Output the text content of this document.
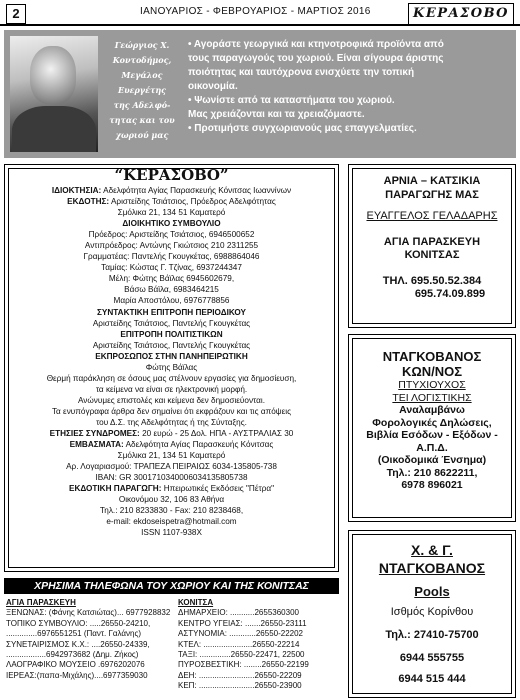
2	ΙΑΝΟΥΑΡΙΟΣ - ΦΕΒΡΟΥΑΡΙΟΣ - ΜΑΡΤΙΟΣ 2016	ΚΕΡΑΣΟΒΟ
Γεώργιος Χ.
Κοντοδήμος,
Μεγάλος
Ευεργέτης
της Αδελφό-
τητας και του
χωριού μας

• Αγοράστε γεωργικά και κτηνοτροφικά προϊόντα από

τους παραγωγούς του χωριού. Είναι σίγουρα άριστης

ποιότητας και ταυτόχρονα ενισχύετε την τοπική

οικονομία.

• Ψωνίστε από τα καταστήματα του χωριού.

Μας χρειάζονται και τα χρειαζόμαστε.

• Προτιμήστε συγχωριανούς μας επαγγελματίες.

“ΚΕΡΑΣΟΒΟ”
ΙΔΙΟΚΤΗΣΙΑ: Αδελφότητα Αγίας Παρασκευής Κόνιτσας Ιωαννίνων
ΕΚΔΟΤΗΣ: Αριστείδης Τσιάτσιος, Πρόεδρος Αδελφότητας
Σμόλικα 21, 134 51 Καματερό
ΔΙΟΙΚΗΤΙΚΟ ΣΥΜΒΟΥΛΙΟ
Πρόεδρος: Αριστείδης Τσιάτσιος, 6946500652
Αντιπρόεδρος: Αντώνης Γκιώτσιος 210 2311255
Γραμματέας: Παντελής Γκουγκέτας, 6988864046
Ταμίας: Κώστας Γ. Τζίνας, 6937244347
Μέλη: Φώτης Βάϊλας 6945602679,
Βάσω Βάϊλα, 6983464215
Μαρία Αποστόλου, 6976778856
ΣΥΝΤΑΚΤΙΚΗ ΕΠΙΤΡΟΠΗ ΠΕΡΙΟΔΙΚΟΥ
Αριστείδης Τσιάτσιος, Παντελής Γκουγκέτας
ΕΠΙΤΡΟΠΗ ΠΟΛΙΤΙΣΤΙΚΩΝ
Αριστείδης Τσιάτσιος, Παντελής Γκουγκέτας
ΕΚΠΡΟΣΩΠΟΣ ΣΤΗΝ ΠΑΝΗΠΕΙΡΩΤΙΚΗ
Φώτης Βάϊλας
Θερμή παράκληση σε όσους μας στέλνουν εργασίες για δημοσίευση,
τα κείμενα να είναι σε ηλεκτρονική μορφή.
Ανώνυμες επιστολές και κείμενα δεν δημοσιεύονται.
Τα ενυπόγραφα άρθρα δεν σημαίνει ότι εκφράζουν και τις απόψεις
του Δ.Σ. της Αδελφότητας ή της Σύνταξης.
ΕΤΗΣΙΕΣ ΣΥΝΔΡΟΜΕΣ: 20 ευρώ - 25 Δολ. ΗΠΑ - ΑΥΣΤΡΑΛΙΑΣ 30
ΕΜΒΑΣΜΑΤΑ: Αδελφότητα Αγίας Παρασκευής Κόνιτσας
Σμόλικα 21, 134 51 Καματερό
Αρ. Λογαριασμού: ΤΡΑΠΕΖΑ ΠΕΙΡΑΙΩΣ 6034-135805-738
IBAN: GR 3001710340006034135805738
ΕΚΔΟΤΙΚΗ ΠΑΡΑΓΩΓΗ: Ηπειρωτικές Εκδόσεις "Πέτρα"
Οικονόμου 32, 106 83 Αθήνα
Τηλ.: 210 8233830 - Fax: 210 8238468,
e-mail: ekdoseispetra@hotmail.com
ISSN 1107-938X
ΑΡΝΙΑ – ΚΑΤΣΙΚΙΑ
ΠΑΡΑΓΩΓΗΣ ΜΑΣ
ΕΥΑΓΓΕΛΟΣ ΓΕΛΑΔΑΡΗΣ
ΑΓΙΑ ΠΑΡΑΣΚΕΥΗ
ΚΟΝΙΤΣΑΣ
ΤΗΛ. 695.50.52.384
695.74.09.899
ΝΤΑΓΚΟΒΑΝΟΣ
ΚΩΝ/ΝΟΣ
ΠΤΥΧΙΟΥΧΟΣ
ΤΕΙ ΛΟΓΙΣΤΙΚΗΣ
Αναλαμβάνω
Φορολογικές Δηλώσεις,
Βιβλία Εσόδων - Εξόδων -
Α.Π.Δ.
(Οικοδομικά Ένσημα)
Τηλ.: 210 8622211,
6978 896021
Χ. & Γ.
ΝΤΑΓΚΟΒΑΝΟΣ
Pools
Ισθμός Κορίνθου
Τηλ.: 27410-75700
6944 555755
6944 515 444
ΧΡΗΣΙΜΑ ΤΗΛΕΦΩΝΑ ΤΟΥ ΧΩΡΙΟΥ ΚΑΙ ΤΗΣ ΚΟΝΙΤΣΑΣ
ΑΓΙΑ ΠΑΡΑΣΚΕΥΗ
ΞΕΝΩΝΑΣ: (Φάνης Κατσιώτας)... 6977928832
ΤΟΠΙΚΟ ΣΥΜΒΟΥΛΙΟ: .....26550-24210,
..............6976551251 (Παντ. Γαλάνης)
ΣΥΝΕΤΑΙΡΙΣΜΟΣ Κ.Χ.: ....26550-24339,
..................6942973682 (Δημ. Ζήκος)
ΛΑΟΓΡΑΦΙΚΟ ΜΟΥΣΕΙΟ .6976202076
ΙΕΡΕΑΣ:(παπα-Μιχάλης)....6977359030
ΚΟΝΙΤΣΑ
ΔΗΜΑΡΧΕΙΟ: ...........2655360300
ΚΕΝΤΡΟ ΥΓΕΙΑΣ: .......26550-23111
ΑΣΤΥΝΟΜΙΑ: ............26550-22202
ΚΤΕΛ: ......................26550-22214
ΤΑΞΙ: ..............26550-22471, 22500
ΠΥΡΟΣΒΕΣΤΙΚΗ: ........26550-22199
ΔΕΗ: .........................26550-22209
ΚΕΠ: .........................26550-23900
